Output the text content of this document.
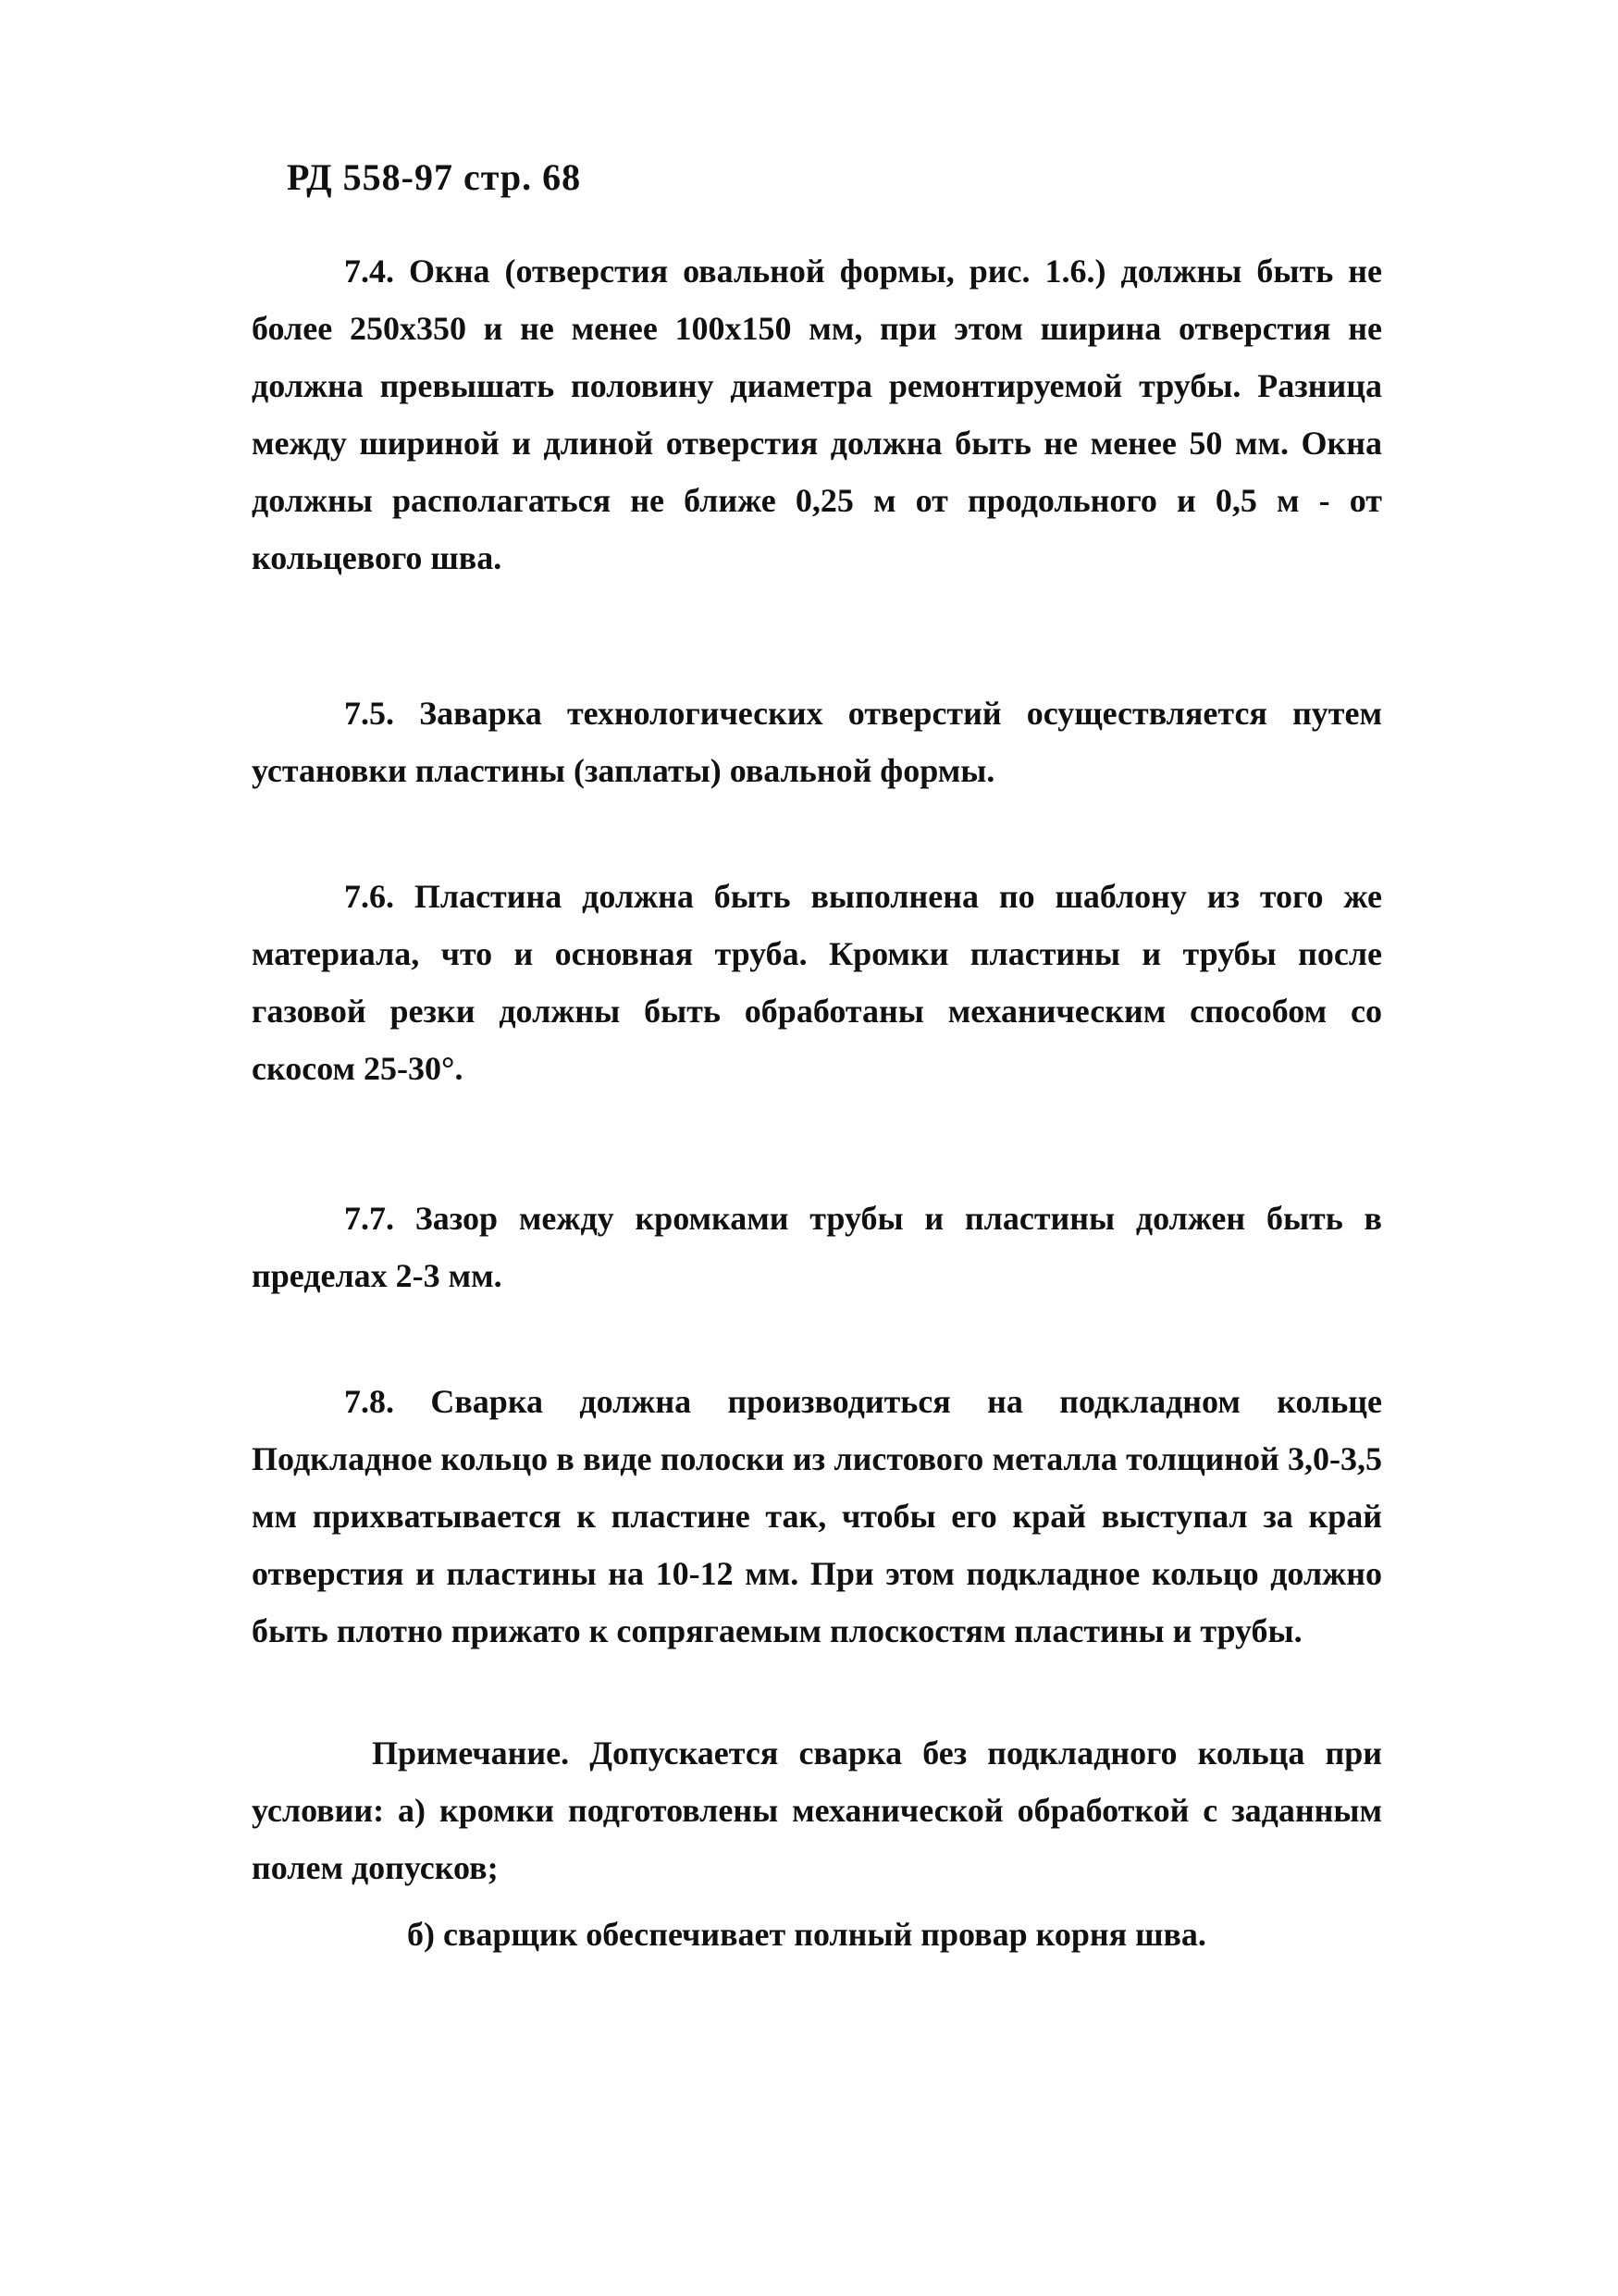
РД 558-97 стр. 68

7.4. Окна (отверстия овальной формы, рис. 1.6.) должны быть не более 250х350 и не менее 100х150 мм, при этом ширина отверстия не должна превышать половину диаметра ремонтируемой трубы. Разница между шириной и длиной отверстия должна быть не менее 50 мм. Окна должны располагаться не ближе 0,25 м от продольного и 0,5 м - от кольцевого шва.

7.5. Заварка технологических отверстий осуществляется путем установки пластины (заплаты) овальной формы.

7.6. Пластина должна быть выполнена по шаблону из того же материала, что и основная труба. Кромки пластины и трубы после газовой резки должны быть обработаны механическим способом со скосом 25-30°.

7.7. Зазор между кромками трубы и пластины должен быть в пределах 2-3 мм.

7.8. Сварка должна производиться на подкладном кольце Подкладное кольцо в виде полоски из листового металла толщиной 3,0-3,5 мм прихватывается к пластине так, чтобы его край выступал за край отверстия и пластины на 10-12 мм. При этом подкладное кольцо должно быть плотно прижато к сопрягаемым плоскостям пластины и трубы.

Примечание. Допускается сварка без подкладного кольца при условии: а) кромки подготовлены механической обработкой с заданным полем допусков;

б) сварщик обеспечивает полный провар корня шва.
